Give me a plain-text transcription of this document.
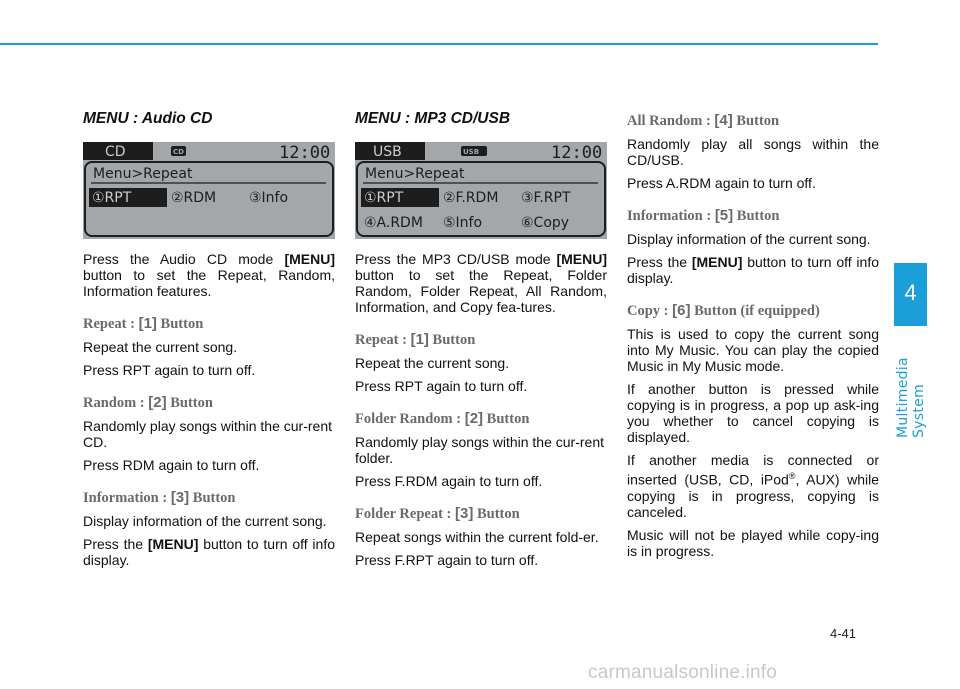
MENU : Audio CD
CD	CD	12:00
Menu>Repeat
①RPT	②RDM ③Info

Press the Audio CD mode [MENU] button to set the Repeat, Random, Information features.

Repeat : [1] Button

Repeat the current song.

Press RPT again to turn off.

Random : [2] Button

Randomly play songs within the cur-rent CD.

Press RDM again to turn off.

Information : [3] Button

Display information of the current song.

Press the [MENU] button to turn off info display.

MENU : MP3 CD/USB
USB	USB	12:00
Menu>Repeat
①RPT	②F.RDM ③F.RPT
④A.RDM ⑤Info	⑥Copy

Press the MP3 CD/USB mode [MENU] button to set the Repeat, Folder Random, Folder Repeat, All Random, Information, and Copy fea-tures.

Repeat : [1] Button

Repeat the current song.

Press RPT again to turn off.

Folder Random : [2] Button

Randomly play songs within the cur-rent folder.

Press F.RDM again to turn off.

Folder Repeat : [3] Button

Repeat songs within the current fold-er.

Press F.RPT again to turn off.

All Random : [4] Button

Randomly play all songs within the CD/USB.

Press A.RDM again to turn off.

Information : [5] Button

Display information of the current song.

Press the [MENU] button to turn off info display.

Copy : [6] Button (if equipped)

This is used to copy the current song into My Music. You can play the copied Music in My Music mode.

If another button is pressed while copying is in progress, a pop up ask-ing you whether to cancel copying is displayed.

If another media is connected or inserted (USB, CD, iPod®, AUX) while copying is in progress, copying is canceled.

Music will not be played while copy-ing is in progress.

4
Multimedia System
4-41
carmanualsonline.info
